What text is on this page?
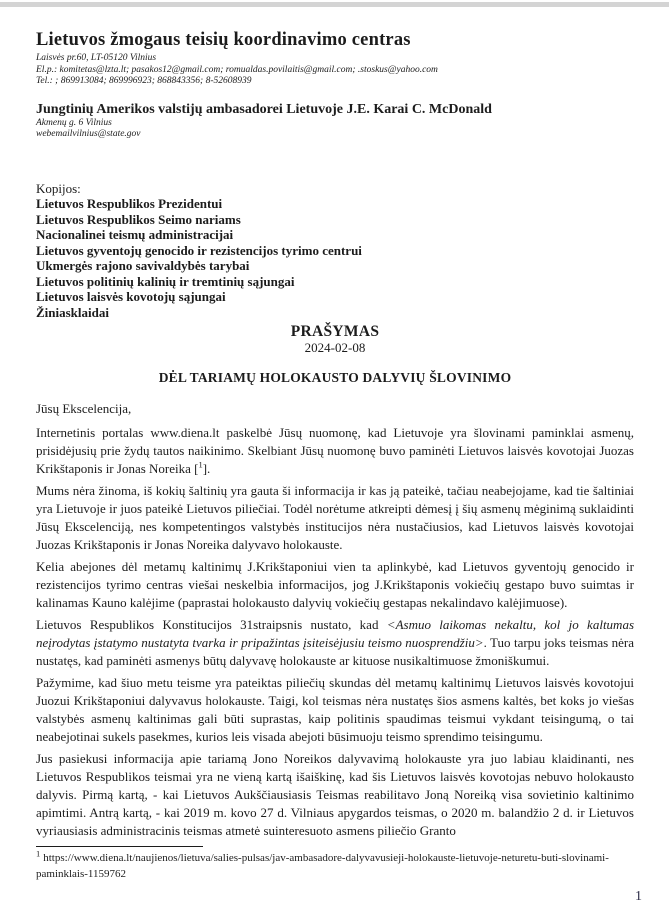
Lietuvos žmogaus teisių koordinavimo centras
Laisvės pr.60, LT-05120 Vilnius
El.p.: komitetas@lzta.lt; pasakos12@gmail.com; romualdas.povilaitis@gmail.com; .stoskus@yahoo.com
Tel.: ; 869913084; 869996923; 868843356; 8-52608939
Jungtinių Amerikos valstijų ambasadorei Lietuvoje J.E. Karai C. McDonald
Akmenų g. 6 Vilnius
webemailvilnius@state.gov
Kopijos:
Lietuvos Respublikos Prezidentui
Lietuvos Respublikos Seimo nariams
Nacionalinei teismų administracijai
Lietuvos gyventojų genocido ir rezistencijos tyrimo centrui
Ukmergės rajono savivaldybės tarybai
Lietuvos politinių kalinių ir tremtinių sąjungai
Lietuvos laisvės kovotojų sąjungai
Žiniasklaidai
PRAŠYMAS
2024-02-08
DĖL TARIAMŲ HOLOKAUSTO DALYVIŲ ŠLOVINIMO

Jūsų Ekscelencija,

Internetinis portalas www.diena.lt paskelbė Jūsų nuomonę, kad Lietuvoje yra šlovinami paminklai asmenų, prisidėjusių prie žydų tautos naikinimo. Skelbiant Jūsų nuomonę buvo paminėti Lietuvos laisvės kovotojai Juozas Krikštaponis ir Jonas Noreika [$^1$].

Mums nėra žinoma, iš kokių šaltinių yra gauta ši informacija ir kas ją pateikė, tačiau neabejojame, kad tie šaltiniai yra Lietuvoje ir juos pateikė Lietuvos piliečiai. Todėl norėtume atkreipti dėmesį į šių asmenų mėginimą suklaidinti Jūsų Ekscelenciją, nes kompetentingos valstybės institucijos nėra nustačiusios, kad Lietuvos laisvės kovotojai Juozas Krikštaponis ir Jonas Noreika dalyvavo holokauste.

Kelia abejones dėl metamų kaltinimų J.Krikštaponiui vien ta aplinkybė, kad Lietuvos gyventojų genocido ir rezistencijos tyrimo centras viešai neskelbia informacijos, jog J.Krikštaponis vokiečių gestapo buvo suimtas ir kalinamas Kauno kalėjime (paprastai holokausto dalyvių vokiečių gestapas nekalindavo kalėjimuose).

Lietuvos Respublikos Konstitucijos 31straipsnis nustato, kad <Asmuo laikomas nekaltu, kol jo kaltumas neįrodytas įstatymo nustatyta tvarka ir pripažintas įsiteisėjusiu teismo nuosprendžiu>. Tuo tarpu joks teismas nėra nustatęs, kad paminėti asmenys būtų dalyvavę holokauste ar kituose nusikaltimuose žmoniškumui.

Pažymime, kad šiuo metu teisme yra pateiktas piliečių skundas dėl metamų kaltinimų Lietuvos laisvės kovotojui Juozui Krikštaponiui dalyvavus holokauste. Taigi, kol teismas nėra nustatęs šios asmens kaltės, bet koks jo viešas valstybės asmenų kaltinimas gali būti suprastas, kaip politinis spaudimas teismui vykdant teisingumą, o tai neabejotinai sukels pasekmes, kurios leis visada abejoti būsimuoju teismo sprendimo teisingumu.

Jus pasiekusi informacija apie tariamą Jono Noreikos dalyvavimą holokauste yra juo labiau klaidinanti, nes Lietuvos Respublikos teismai yra ne vieną kartą išaiškinę, kad šis Lietuvos laisvės kovotojas nebuvo holokausto dalyvis. Pirmą kartą, - kai Lietuvos Aukščiausiasis Teismas reabilitavo Joną Noreiką visa sovietinio kaltinimo apimtimi. Antrą kartą, - kai 2019 m. kovo 27 d. Vilniaus apygardos teismas, o 2020 m. balandžio 2 d. ir Lietuvos vyriausiasis administracinis teismas atmetė suinteresuoto asmens piliečio Granto

$^1$ https://www.diena.lt/naujienos/lietuva/salies-pulsas/jav-ambasadore-dalyvavusieji-holokauste-lietuvoje-neturetu-buti-slovinami-paminklais-1159762
1
